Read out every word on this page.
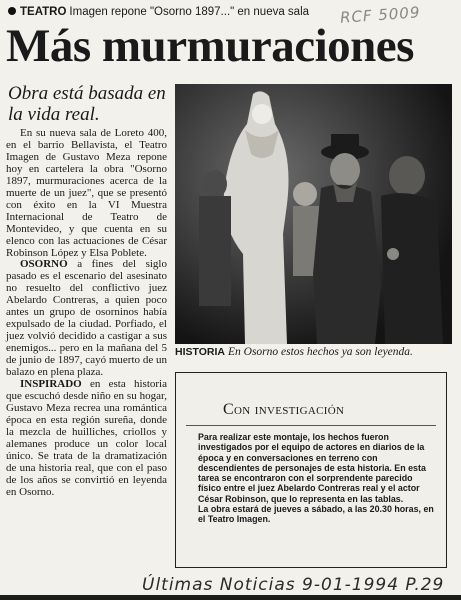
TEATRO Imagen repone "Osorno 1897..." en nueva sala	RCF 5009
Más murmuraciones
Obra está basada en la vida real.

En su nueva sala de Loreto 400, en el barrio Bellavista, el Teatro Imagen de Gustavo Meza repone hoy en cartelera la obra "Osorno 1897, murmuraciones acerca de la muerte de un juez", que se presentó con éxito en la VI Muestra Internacional de Teatro de Montevideo, y que cuenta en su elenco con las actuaciones de César Robinson López y Elsa Poblete.

OSORNO a fines del siglo pasado es el escenario del asesinato no resuelto del conflictivo juez Abelardo Contreras, a quien poco antes un grupo de osorninos había expulsado de la ciudad. Porfiado, el juez volvió decidido a castigar a sus enemigos... pero en la mañana del 5 de junio de 1897, cayó muerto de un balazo en plena plaza.

INSPIRADO en esta historia que escuchó desde niño en su hogar, Gustavo Meza recrea una romántica época en esta región sureña, donde la mezcla de huilliches, criollos y alemanes produce un color local único. Se trata de la dramatización de una historia real, que con el paso de los años se convirtió en leyenda en Osorno.

HISTORIA En Osorno estos hechos ya son leyenda.
Con investigación

Para realizar este montaje, los hechos fueron investigados por el equipo de actores en diarios de la época y en conversaciones en terreno con descendientes de personajes de esta historia. En esta tarea se encontraron con el sorprendente parecido físico entre el juez Abelardo Contreras real y el actor César Robinson, que lo representa en las tablas.

La obra estará de jueves a sábado, a las 20.30 horas, en el Teatro Imagen.

Últimas Noticias 9-01-1994 P.29
